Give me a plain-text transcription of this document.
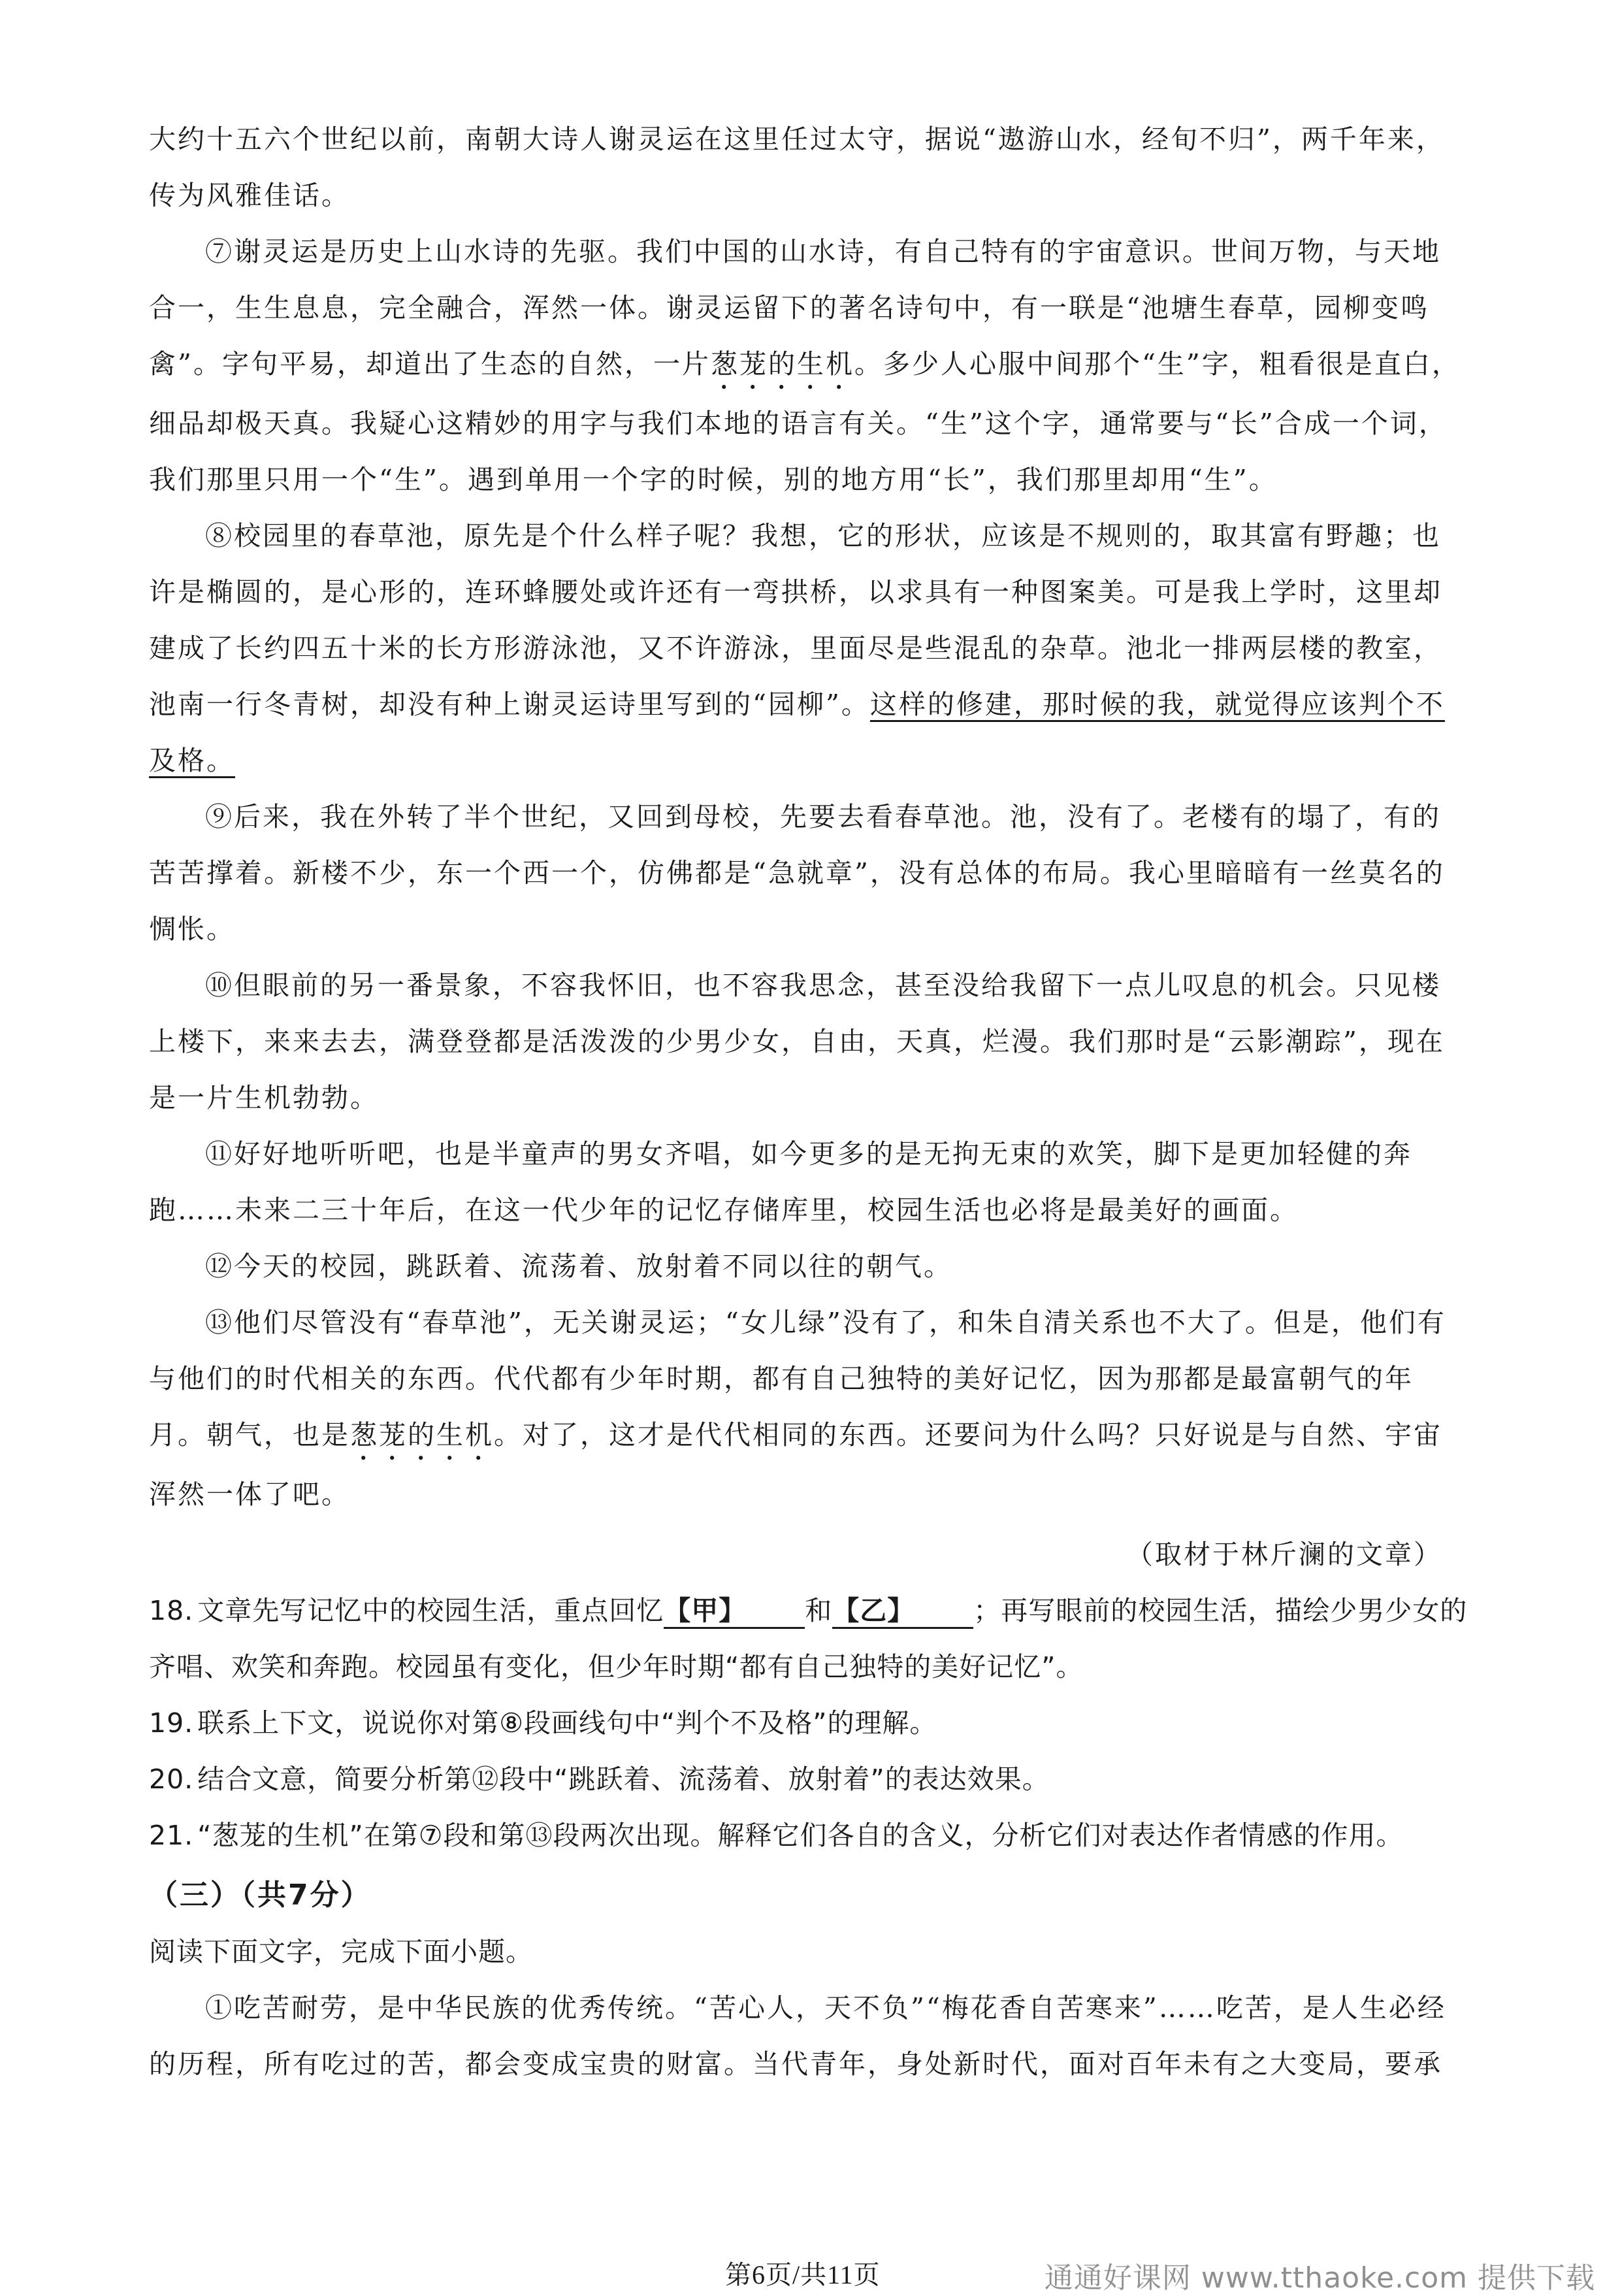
大约十五六个世纪以前，南朝大诗人谢灵运在这里任过太守，据说“遨游山水，经旬不归”，两千年来，传为风雅佳话。

⑦谢灵运是历史上山水诗的先驱。我们中国的山水诗，有自己特有的宇宙意识。世间万物，与天地合一，生生息息，完全融合，浑然一体。谢灵运留下的著名诗句中，有一联是“池塘生春草，园柳变鸣禽”。字句平易，却道出了生态的自然，一片葱茏的生机。多少人心服中间那个“生”字，粗看很是直白，细品却极天真。我疑心这精妙的用字与我们本地的语言有关。“生”这个字，通常要与“长”合成一个词，我们那里只用一个“生”。遇到单用一个字的时候，别的地方用“长”，我们那里却用“生”。

⑧校园里的春草池，原先是个什么样子呢？我想，它的形状，应该是不规则的，取其富有野趣；也许是椭圆的，是心形的，连环蜂腰处或许还有一弯拱桥，以求具有一种图案美。可是我上学时，这里却建成了长约四五十米的长方形游泳池，又不许游泳，里面尽是些混乱的杂草。池北一排两层楼的教室，池南一行冬青树，却没有种上谢灵运诗里写到的“园柳”。这样的修建，那时候的我，就觉得应该判个不及格。

⑨后来，我在外转了半个世纪，又回到母校，先要去看春草池。池，没有了。老楼有的塌了，有的苦苦撑着。新楼不少，东一个西一个，仿佛都是“急就章”，没有总体的布局。我心里暗暗有一丝莫名的惆怅。

⑩但眼前的另一番景象，不容我怀旧，也不容我思念，甚至没给我留下一点儿叹息的机会。只见楼上楼下，来来去去，满登登都是活泼泼的少男少女，自由，天真，烂漫。我们那时是“云影潮踪”，现在是一片生机勃勃。

⑪好好地听听吧，也是半童声的男女齐唱，如今更多的是无拘无束的欢笑，脚下是更加轻健的奔跑……未来二三十年后，在这一代少年的记忆存储库里，校园生活也必将是最美好的画面。

⑫今天的校园，跳跃着、流荡着、放射着不同以往的朝气。

⑬他们尽管没有“春草池”，无关谢灵运；“女儿绿”没有了，和朱自清关系也不大了。但是，他们有与他们的时代相关的东西。代代都有少年时期，都有自己独特的美好记忆，因为那都是最富朝气的年月。朝气，也是葱茏的生机。对了，这才是代代相同的东西。还要问为什么吗？只好说是与自然、宇宙浑然一体了吧。

（取材于林斤澜的文章）

18. 文章先写记忆中的校园生活，重点回忆【甲】 和【乙】 ；再写眼前的校园生活，描绘少男少女的齐唱、欢笑和奔跑。校园虽有变化，但少年时期“都有自己独特的美好记忆”。

19. 联系上下文，说说你对第⑧段画线句中“判个不及格”的理解。

20. 结合文意，简要分析第⑫段中“跳跃着、流荡着、放射着”的表达效果。

21. “葱茏的生机”在第⑦段和第⑬段两次出现。解释它们各自的含义，分析它们对表达作者情感的作用。

（三）（共7分）

阅读下面文字，完成下面小题。

①吃苦耐劳，是中华民族的优秀传统。“苦心人，天不负”“梅花香自苦寒来”……吃苦，是人生必经的历程，所有吃过的苦，都会变成宝贵的财富。当代青年，身处新时代，面对百年未有之大变局，要承

第6页/共11页	通通好课网 www.tthaoke.com 提供下载
